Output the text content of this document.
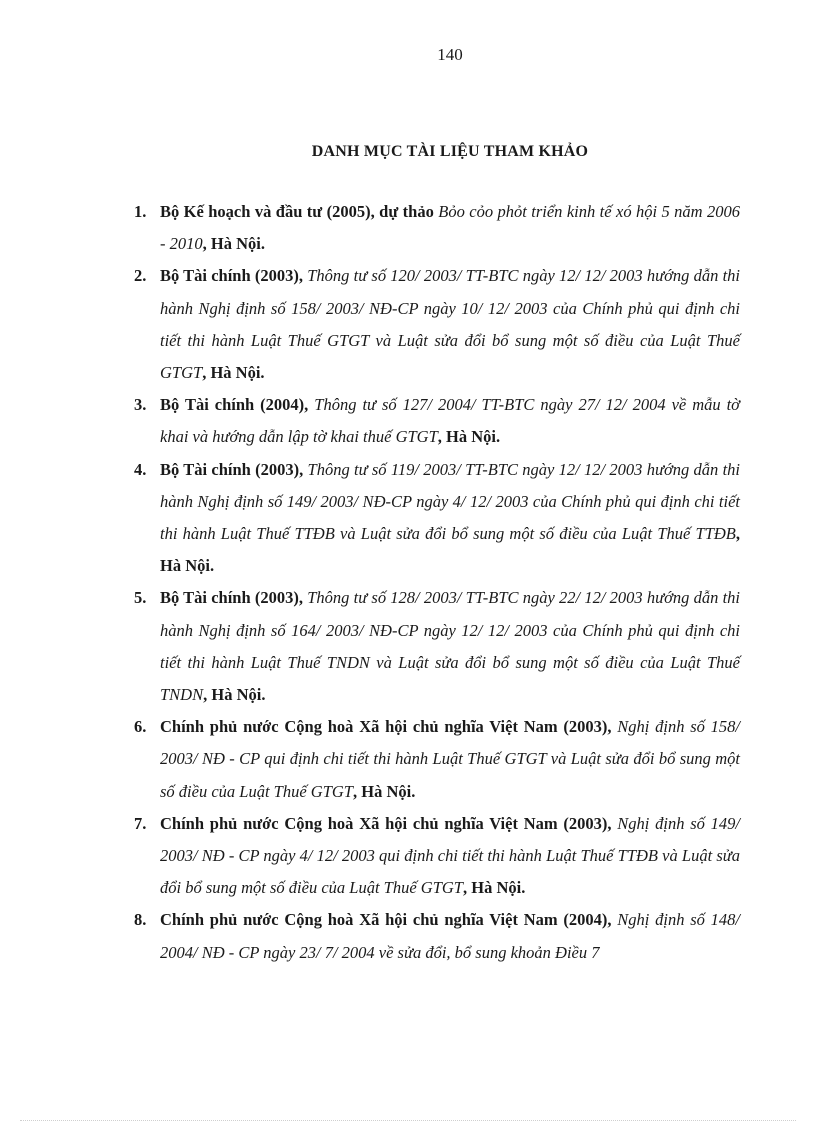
140
DANH MỤC TÀI LIỆU THAM KHẢO
1. Bộ Kế hoạch và đầu tư (2005), dự thảo Bỏo cỏo phỏt triển kinh tế xó hội 5 năm 2006 - 2010, Hà Nội.
2. Bộ Tài chính (2003), Thông tư số 120/ 2003/ TT-BTC ngày 12/ 12/ 2003 hướng dẫn thi hành Nghị định số 158/ 2003/ NĐ-CP ngày 10/ 12/ 2003 của Chính phủ qui định chi tiết thi hành Luật Thuế GTGT và Luật sửa đổi bổ sung một số điều của Luật Thuế GTGT, Hà Nội.
3. Bộ Tài chính (2004), Thông tư số 127/ 2004/ TT-BTC ngày 27/ 12/ 2004 về mẫu tờ khai và hướng dẫn lập tờ khai thuế GTGT, Hà Nội.
4. Bộ Tài chính (2003), Thông tư số 119/ 2003/ TT-BTC ngày 12/ 12/ 2003 hướng dẫn thi hành Nghị định số 149/ 2003/ NĐ-CP ngày 4/ 12/ 2003 của Chính phủ qui định chi tiết thi hành Luật Thuế TTĐB và Luật sửa đổi bổ sung một số điều của Luật Thuế TTĐB, Hà Nội.
5. Bộ Tài chính (2003), Thông tư số 128/ 2003/ TT-BTC ngày 22/ 12/ 2003 hướng dẫn thi hành Nghị định số 164/ 2003/ NĐ-CP ngày 12/ 12/ 2003 của Chính phủ qui định chi tiết thi hành Luật Thuế TNDN và Luật sửa đổi bổ sung một số điều của Luật Thuế TNDN, Hà Nội.
6. Chính phủ nước Cộng hoà Xã hội chủ nghĩa Việt Nam (2003), Nghị định số 158/ 2003/ NĐ - CP qui định chi tiết thi hành Luật Thuế GTGT và Luật sửa đổi bổ sung một số điều của Luật Thuế GTGT, Hà Nội.
7. Chính phủ nước Cộng hoà Xã hội chủ nghĩa Việt Nam (2003), Nghị định số 149/ 2003/ NĐ - CP ngày 4/ 12/ 2003 qui định chi tiết thi hành Luật Thuế TTĐB và Luật sửa đổi bổ sung một số điều của Luật Thuế GTGT, Hà Nội.
8. Chính phủ nước Cộng hoà Xã hội chủ nghĩa Việt Nam (2004), Nghị định số 148/ 2004/ NĐ - CP ngày 23/ 7/ 2004 về sửa đổi, bổ sung khoản Điều 7
